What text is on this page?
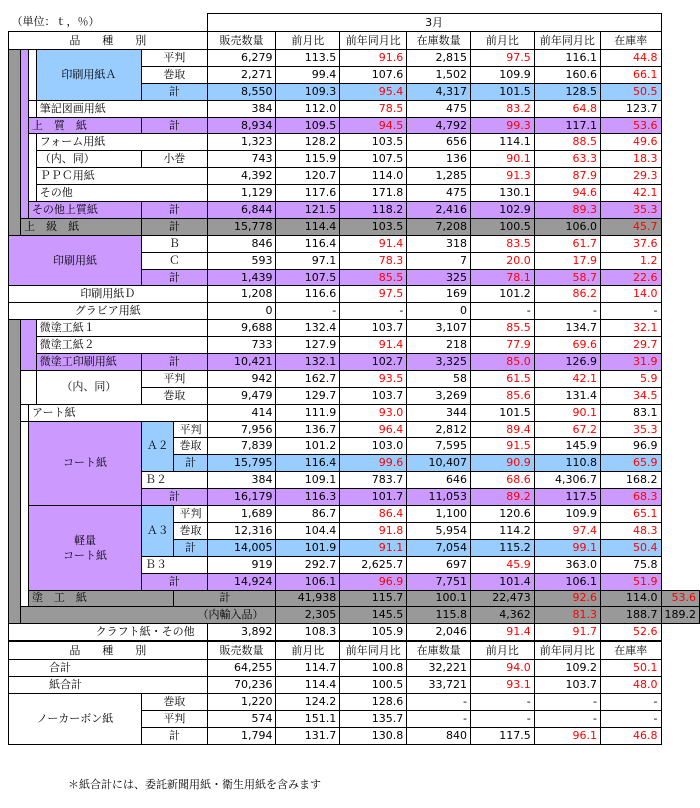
（単位：ｔ，％）						3月							
品　　種　　別						販売数量	前月比	前年同月比	在庫数量	前月比	前年同月比	在庫率	
			印刷用紙Ａ	平判		6,279	113.5	91.6	2,815	97.5	116.1	44.8	
				巻取		2,271	99.4	107.6	1,502	109.9	160.6	66.1	
				計		8,550	109.3	95.4	4,317	101.5	128.5	50.5	
			筆記図画用紙			384	112.0	78.5	475	83.2	64.8	123.7	
		上　質　紙		計		8,934	109.5	94.5	4,792	99.3	117.1	53.6	
			フォーム用紙			1,323	128.2	103.5	656	114.1	88.5	49.6	
			（内、同）	小巻		743	115.9	107.5	136	90.1	63.3	18.3	
			ＰＰＣ用紙			4,392	120.7	114.0	1,285	91.3	87.9	29.3	
			その他			1,129	117.6	171.8	475	130.1	94.6	42.1	
		その他上質紙		計		6,844	121.5	118.2	2,416	102.9	89.3	35.3	
	上　級　紙			計		15,778	114.4	103.5	7,208	100.5	106.0	45.7	
印刷用紙				Ｂ		846	116.4	91.4	318	83.5	61.7	37.6	
				Ｃ		593	97.1	78.3	7	20.0	17.9	1.2	
				計		1,439	107.5	85.5	325	78.1	58.7	22.6	
印刷用紙Ｄ						1,208	116.6	97.5	169	101.2	86.2	14.0	
グラビア用紙						0	-	-	0	-	-	-	
			微塗工紙１			9,688	132.4	103.7	3,107	85.5	134.7	32.1	
			微塗工紙２			733	127.9	91.4	218	77.9	69.6	29.7	
			微塗工印刷用紙	計		10,421	132.1	102.7	3,325	85.0	126.9	31.9	
			（内、同）	平判		942	162.7	93.5	58	61.5	42.1	5.9	
				巻取		9,479	129.7	103.7	3,269	85.6	131.4	34.5	
		アート紙				414	111.9	93.0	344	101.5	90.1	83.1	
		コート紙		Ａ２	平判	7,956	136.7	96.4	2,812	89.4	67.2	35.3	
					巻取	7,839	101.2	103.0	7,595	91.5	145.9	96.9	
					計	15,795	116.4	99.6	10,407	90.9	110.8	65.9	
				Ｂ２		384	109.1	783.7	646	68.6	4,306.7	168.2	
				計		16,179	116.3	101.7	11,053	89.2	117.5	68.3	
		軽量
コート紙		Ａ３	平判	1,689	86.7	86.4	1,100	120.6	109.9	65.1	
					巻取	12,316	104.4	91.8	5,954	114.2	97.4	48.3	
					計	14,005	101.9	91.1	7,054	115.2	99.1	50.4	
				Ｂ３		919	292.7	2,625.7	697	45.9	363.0	75.8	
				計		14,924	106.1	96.9	7,751	101.4	106.1	51.9	
		塗　工　紙			計		41,938	115.7	100.1	22,473	92.6	114.0	53.6
	（内輸入品）						2,305	145.5	115.8	4,362	81.3	188.7	189.2
クラフト紙・その他						3,892	108.3	105.9	2,046	91.4	91.7	52.6	
品　　種　　別						販売数量	前月比	前年同月比	在庫数量	前月比	前年同月比	在庫率	
合計						64,255	114.7	100.8	32,221	94.0	109.2	50.1	
紙合計						70,236	114.4	100.5	33,721	93.1	103.7	48.0	
ノーカーボン紙				巻取		1,220	124.2	128.6	-	-	-	-	
				平判		574	151.1	135.7	-	-	-	-	
				計		1,794	131.7	130.8	840	117.5	96.1	46.8	
＊紙合計には、委託新聞用紙・衛生用紙を含みます
